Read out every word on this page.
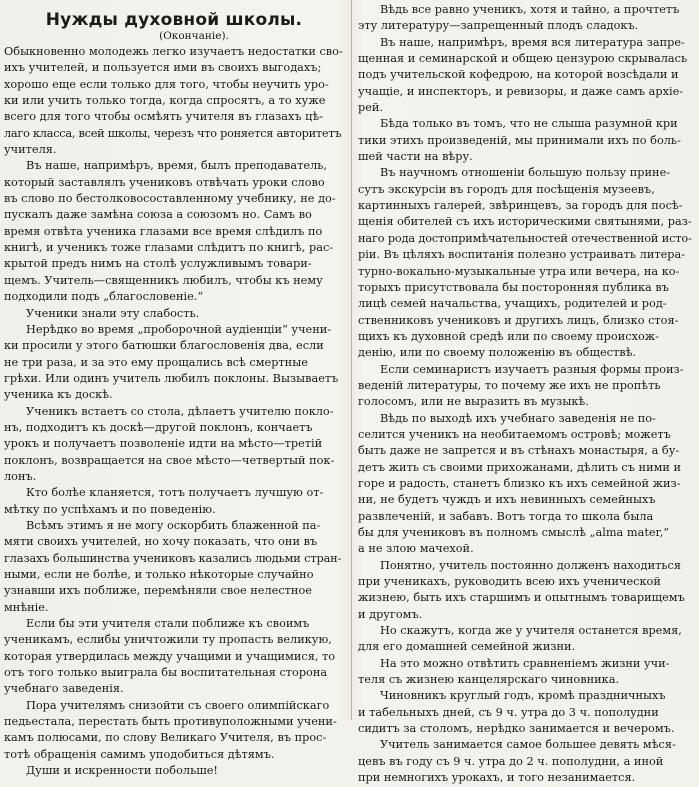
Нужды духовной школы.
(Окончаніе).
Обыкновенно молодежь легко изучаетъ недостатки сво-
ихъ учителей, и пользуется ими въ своихъ выгодахъ;
хорошо еще если только для того, чтобы неучить уро-
ки или учить только тогда, когда спросятъ, а то хуже
всего для того чтобы осмѣять учителя въ глазахъ цѣ-
лаго класса, всей школы, черезъ что роняется авторитетъ
учителя.
Въ наше, напримѣръ, время, былъ преподаватель,
который заставлялъ учениковъ отвѣчать уроки слово
въ слово по бестолковосоставленному учебнику, не до-
пускалъ даже замѣна союза а союзомъ но. Самъ во
время отвѣта ученика глазами все время слѣдилъ по
книгѣ, и ученикъ тоже глазами слѣдитъ по книгѣ, рас-
крытой предъ нимъ на столѣ услужливымъ товари-
щемъ. Учитель—священникъ любилъ, чтобы къ нему
подходили подъ „благословеніе.“
Ученики знали эту слабость.
Нерѣдко во время „проборочной аудіенціи“ учени-
ки просили у этого батюшки благословенія два, если
не три раза, и за это ему прощались всѣ смертные
грѣхи. Или одинъ учитель любилъ поклоны. Вызываетъ
ученика къ доскѣ.
Ученикъ встаетъ со стола, дѣлаетъ учителю покло-
нъ, подходитъ къ доскѣ—другой поклонъ, кончаетъ
урокъ и получаетъ позволеніе идти на мѣсто—третій
поклонъ, возвращается на свое мѣсто—четвертый пок-
лонъ.
Кто болѣе кланяется, тотъ получаетъ лучшую от-
мѣтку по успѣхамъ и по поведенію.
Всѣмъ этимъ я не могу оскорбить блаженной па-
мяти своихъ учителей, но хочу показать, что они въ
глазахъ большинства учениковъ казались людьми стран-
ными, если не болѣе, и только нѣкоторые случайно
узнавши ихъ поближе, перемѣняли свое нелестное
мнѣніе.
Если бы эти учителя стали поближе къ своимъ
ученикамъ, еслибы уничтожили ту пропасть великую,
которая утвердилась между учащими и учащимися, то
отъ того только выиграла бы воспитательная сторона
учебнаго заведенія.
Пора учителямъ снизойти съ своего олимпійскаго
педьестала, перестать быть противуположными учени-
камъ полюсами, по слову Великаго Учителя, въ прос-
тотѣ обращенія самимъ уподобиться дѣтямъ.
Души и искренности побольше!
Вѣдь все равно ученикъ, хотя и тайно, а прочтетъ
эту литературу—запрещенный плодъ сладокъ.
Въ наше, напримѣръ, время вся литература запре-
щенная и семинарской и общею цензурою скрывалась
подъ учительской кофедрою, на которой возсѣдали и
учащіе, и инспекторъ, и ревизоры, и даже самъ архіе-
рей.
Бѣда только въ томъ, что не слыша разумной кри
тики этихъ произведеній, мы принимали ихъ по боль-
шей части на вѣру.
Въ научномъ отношеніи большую пользу прине-
сутъ экскурсіи въ городъ для посѣщенія музеевъ,
картинныхъ галерей, звѣринцевъ, за городъ для посѣ-
щенія обителей съ ихъ историческими святынями, раз-
наго рода достопримѣчательностей отечественной исто-
ріи. Въ цѣляхъ воспитанія полезно устраивать литера-
турно-вокально-музыкальные утра или вечера, на ко-
торыхъ присутствовала бы посторонняя публика въ
лицѣ семей начальства, учащихъ, родителей и род-
ственниковъ учениковъ и другихъ лицъ, близко стоя-
щихъ къ духовной средѣ или по своему происхож-
денію, или по своему положенію въ обществѣ.
Если семинаристъ изучаетъ разныя формы произ-
веденій литературы, то почему же ихъ не пропѣть
голосомъ, или не выразить въ музыкѣ.
Вѣдь по выходѣ ихъ учебнаго заведенія не по-
селится ученикъ на необитаемомъ островѣ; можетъ
быть даже не запрется и въ стѣнахъ монастыря, а бу-
детъ жить съ своими прихожанами, дѣлить съ ними и
горе и радость, станетъ близко къ ихъ семейной жиз-
ни, не будетъ чуждъ и ихъ невинныхъ семейныхъ
развлеченій, и забавъ. Вотъ тогда то школа была
бы для учениковъ въ полномъ смыслѣ „alma mater,“
а не злою мачехой.
Понятно, учитель постоянно долженъ находиться
при ученикахъ, руководить всею ихъ ученической
жизнею, быть ихъ старшимъ и опытнымъ товарищемъ
и другомъ.
Но скажутъ, когда же у учителя останется время,
для его домашней семейной жизни.
На это можно отвѣтить сравненіемъ жизни учи-
теля съ жизнею канцелярскаго чиновника.
Чиновникъ круглый годъ, кромѣ праздничныхъ
и табельныхъ дней, съ 9 ч. утра до 3 ч. пополудни
сидитъ за столомъ, нерѣдко занимается и вечеромъ.
Учитель занимается самое большее девять мѣся-
цевъ въ году съ 9 ч. утра до 2 ч. пополудни, а иной
при немногихъ урокахъ, и того незанимается.
